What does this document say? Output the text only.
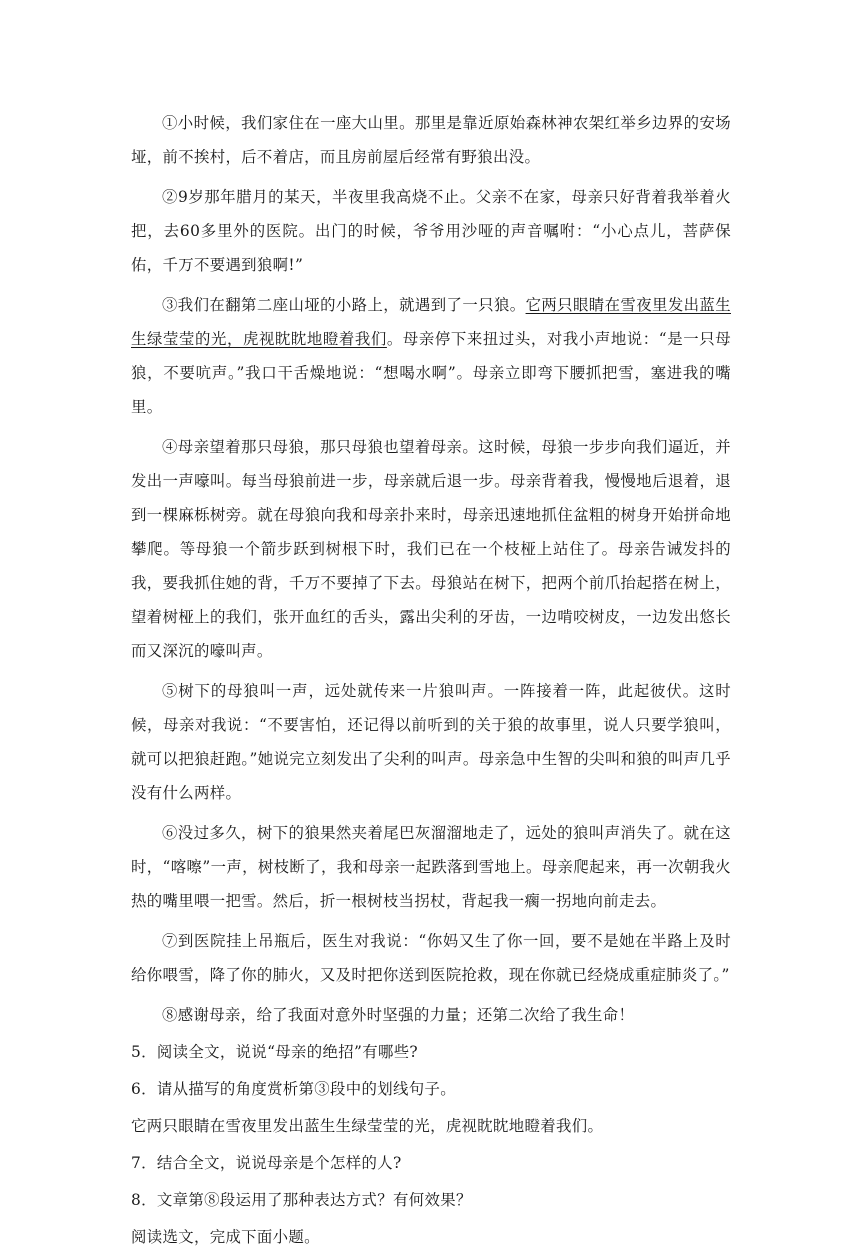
①小时候，我们家住在一座大山里。那里是靠近原始森林神农架红举乡边界的安场垭，前不挨村，后不着店，而且房前屋后经常有野狼出没。

②9岁那年腊月的某天，半夜里我高烧不止。父亲不在家，母亲只好背着我举着火把，去60多里外的医院。出门的时候，爷爷用沙哑的声音嘱咐：“小心点儿，菩萨保佑，千万不要遇到狼啊!”

③我们在翻第二座山垭的小路上，就遇到了一只狼。它两只眼睛在雪夜里发出蓝生生绿莹莹的光，虎视眈眈地瞪着我们。母亲停下来扭过头，对我小声地说：“是一只母狼，不要吭声。”我口干舌燥地说：“想喝水啊”。母亲立即弯下腰抓把雪，塞进我的嘴里。

④母亲望着那只母狼，那只母狼也望着母亲。这时候，母狼一步步向我们逼近，并发出一声嚎叫。每当母狼前进一步，母亲就后退一步。母亲背着我，慢慢地后退着，退到一棵麻栎树旁。就在母狼向我和母亲扑来时，母亲迅速地抓住盆粗的树身开始拼命地攀爬。等母狼一个箭步跃到树根下时，我们已在一个枝桠上站住了。母亲告诫发抖的我，要我抓住她的背，千万不要掉了下去。母狼站在树下，把两个前爪抬起搭在树上，望着树桠上的我们，张开血红的舌头，露出尖利的牙齿，一边啃咬树皮，一边发出悠长而又深沉的嚎叫声。

⑤树下的母狼叫一声，远处就传来一片狼叫声。一阵接着一阵，此起彼伏。这时候，母亲对我说：“不要害怕，还记得以前听到的关于狼的故事里，说人只要学狼叫，就可以把狼赶跑。”她说完立刻发出了尖利的叫声。母亲急中生智的尖叫和狼的叫声几乎没有什么两样。

⑥没过多久，树下的狼果然夹着尾巴灰溜溜地走了，远处的狼叫声消失了。就在这时，“喀嚓”一声，树枝断了，我和母亲一起跌落到雪地上。母亲爬起来，再一次朝我火热的嘴里喂一把雪。然后，折一根树枝当拐杖，背起我一瘸一拐地向前走去。

⑦到医院挂上吊瓶后，医生对我说：“你妈又生了你一回，要不是她在半路上及时给你喂雪，降了你的肺火，又及时把你送到医院抢救，现在你就已经烧成重症肺炎了。”

⑧感谢母亲，给了我面对意外时坚强的力量；还第二次给了我生命！

5．阅读全文，说说“母亲的绝招”有哪些?

6．请从描写的角度赏析第③段中的划线句子。

它两只眼睛在雪夜里发出蓝生生绿莹莹的光，虎视眈眈地瞪着我们。

7．结合全文，说说母亲是个怎样的人?

8．文章第⑧段运用了那种表达方式？有何效果？

阅读选文，完成下面小题。
